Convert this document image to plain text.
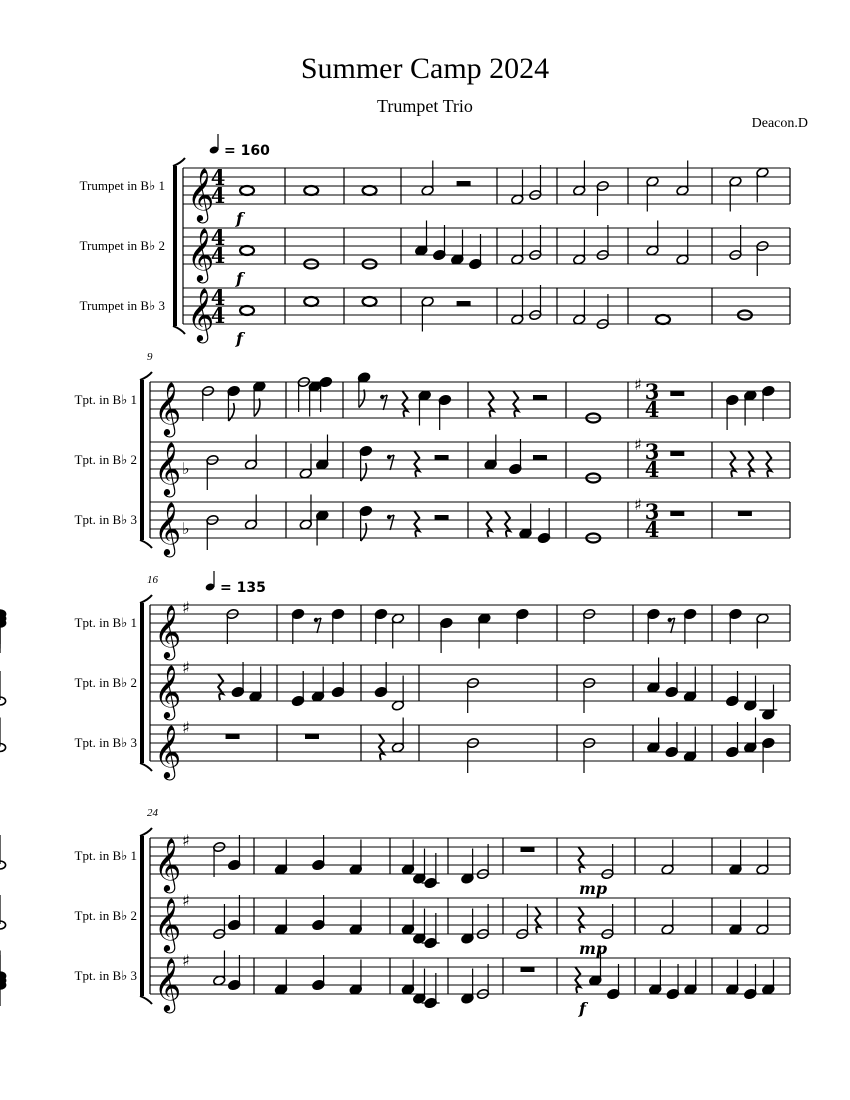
Summer Camp 2024
Trumpet Trio
Deacon.D
Trumpet in B♭ 1 𝄞
4
4
Trumpet in B♭ 2 𝄞
4
4
Trumpet in B♭ 3 𝄞
4
4
Tpt. in B♭ 1 𝄞	♯ 3
4
Tpt. in B♭ 2 𝄞 ♭
♯ 3
4
Tpt. in B♭ 3 𝄞 ♭
♯ 3
4
Tpt. in B♭ 1 𝄞 ♯
Tpt. in B♭ 2 𝄞 ♯
Tpt. in B♭ 3 𝄞 ♯
Tpt. in B♭ 1 𝄞 ♯
Tpt. in B♭ 2 𝄞 ♯
Tpt. in B♭ 3 𝄞 ♯
9
16
24
= 160
= 135
f
f
f
mp
mp
f
